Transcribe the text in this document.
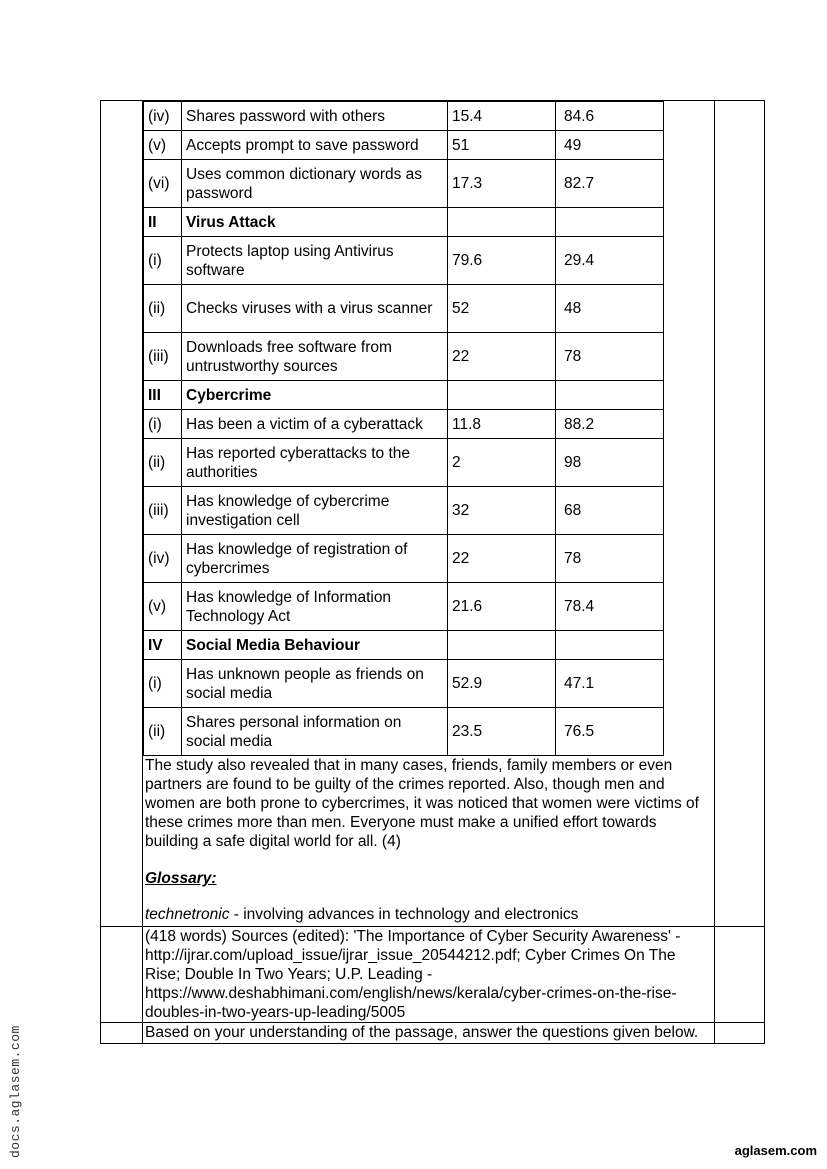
(iv)	Shares password with others	15.4	84.6
(v)	Accepts prompt to save password	51	49
(vi)	Uses common dictionary words as password	17.3	82.7
II	Virus Attack		
(i)	Protects laptop using Antivirus software	79.6	29.4
(ii)	Checks viruses with a virus scanner	52	48
(iii)	Downloads free software from untrustworthy sources	22	78
III	Cybercrime		
(i)	Has been a victim of a cyberattack	11.8	88.2
(ii)	Has reported cyberattacks to the authorities	2	98
(iii)	Has knowledge of cybercrime investigation cell	32	68
(iv)	Has knowledge of registration of cybercrimes	22	78
(v)	Has knowledge of Information Technology Act	21.6	78.4
IV	Social Media Behaviour		
(i)	Has unknown people as friends on social media	52.9	47.1
(ii)	Shares personal information on social media	23.5	76.5
The study also revealed that in many cases, friends, family members or even partners are found to be guilty of the crimes reported. Also, though men and women are both prone to cybercrimes, it was noticed that women were victims of these crimes more than men. Everyone must make a unified effort towards building a safe digital world for all. (4)
Glossary:
technetronic - involving advances in technology and electronics

(418 words) Sources (edited): 'The Importance of Cyber Security Awareness' - http://ijrar.com/upload_issue/ijrar_issue_20544212.pdf; Cyber Crimes On The Rise; Double In Two Years; U.P. Leading - https://www.deshabhimani.com/english/news/kerala/cyber-crimes-on-the-rise-doubles-in-two-years-up-leading/5005

Based on your understanding of the passage, answer the questions given below.

docs.aglasem.com	aglasem.com
